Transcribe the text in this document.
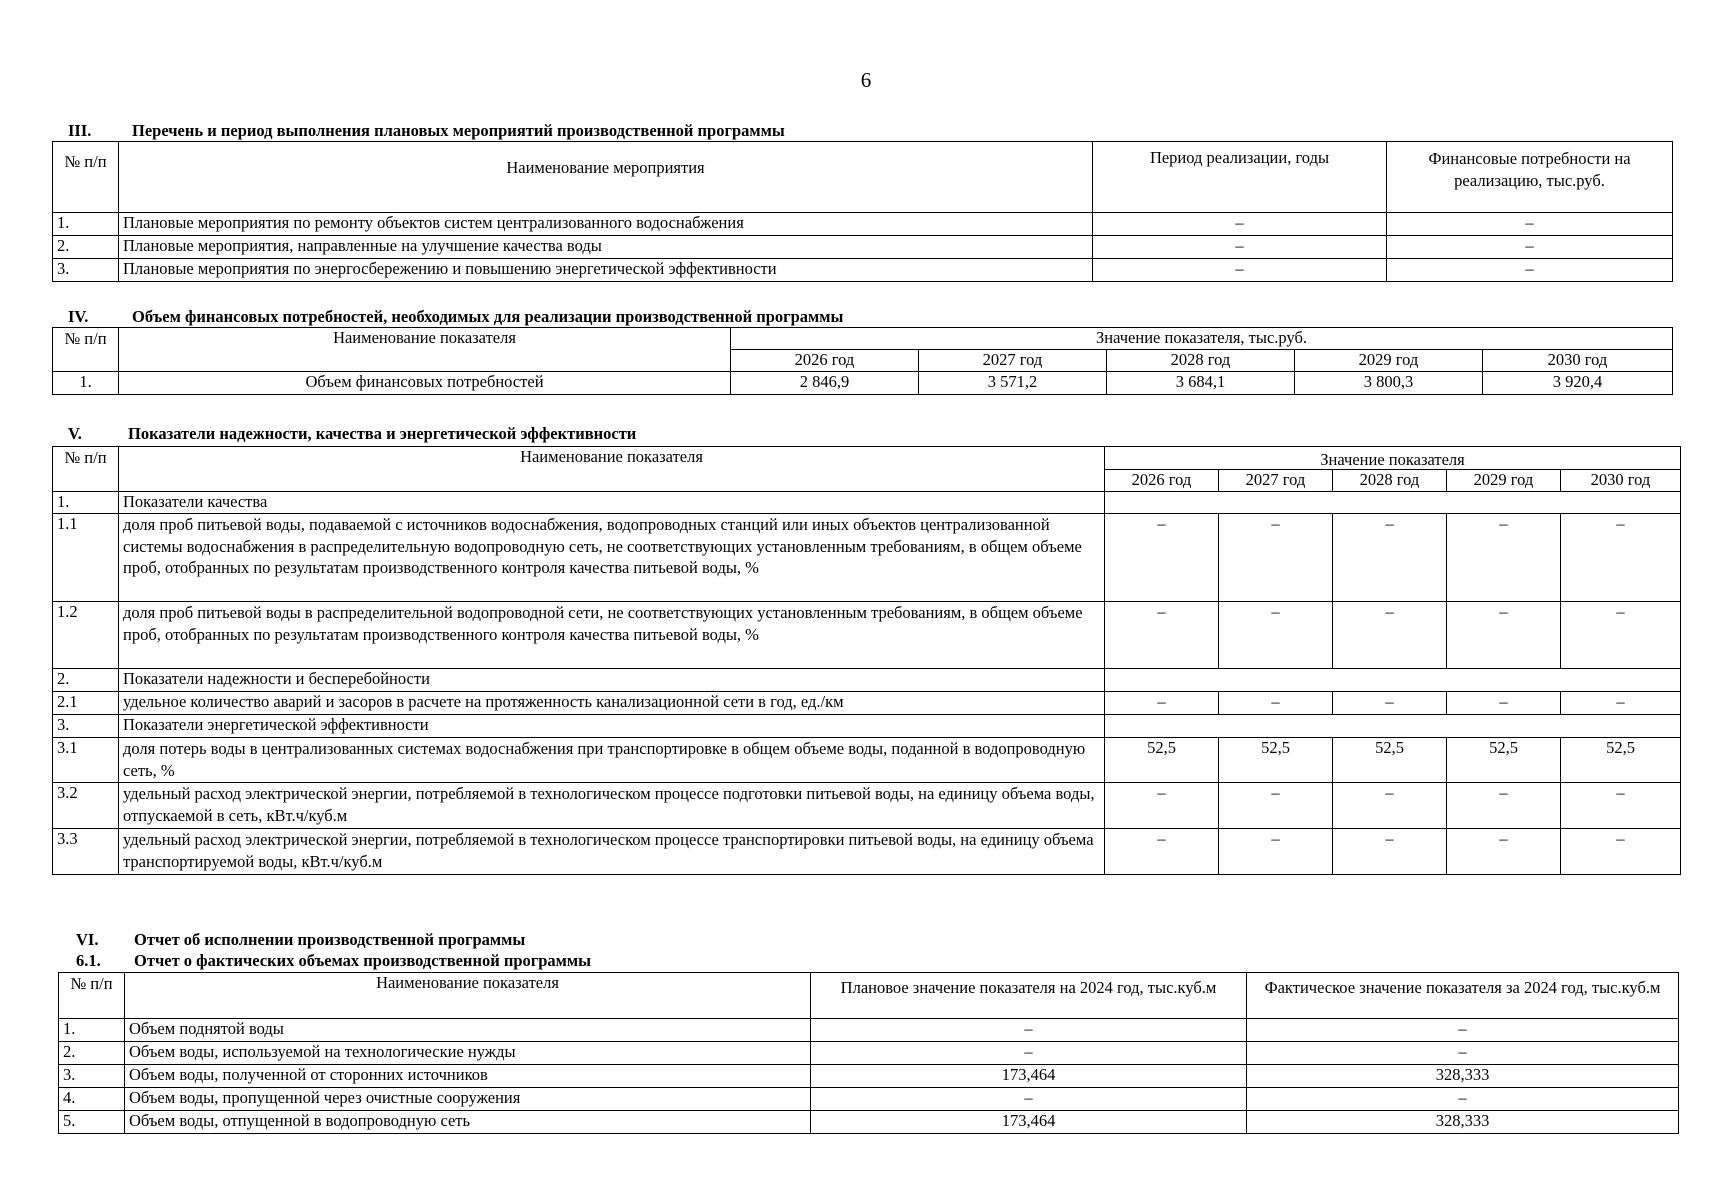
6
III. Перечень и период выполнения плановых мероприятий производственной программы
№ п/п	Наименование мероприятия	Период реализации, годы	Финансовые потребности на реализацию, тыс.руб.
1.	Плановые мероприятия по ремонту объектов систем централизованного водоснабжения	–	–
2.	Плановые мероприятия, направленные на улучшение качества воды	–	–
3.	Плановые мероприятия по энергосбережению и повышению энергетической эффективности	–	–
IV.	Объем финансовых потребностей, необходимых для реализации производственной программы
№ п/п	Наименование показателя	Значение показателя, тыс.руб.				
		2026 год	2027 год	2028 год	2029 год	2030 год
1.	Объем финансовых потребностей	2 846,9	3 571,2	3 684,1	3 800,3	3 920,4
V.	Показатели надежности, качества и энергетической эффективности
№ п/п	Наименование показателя	Значение показателя				
		2026 год	2027 год	2028 год	2029 год	2030 год
1.	Показатели качества					
1.1	доля проб питьевой воды, подаваемой с источников водоснабжения, водопроводных станций или иных объектов централизованной системы водоснабжения в распределительную водопроводную сеть, не соответствующих установленным требованиям, в общем объеме проб, отобранных по результатам производственного контроля качества питьевой воды, %	–	–	–	–	–
1.2	доля проб питьевой воды в распределительной водопроводной сети, не соответствующих установленным требованиям, в общем объеме проб, отобранных по результатам производственного контроля качества питьевой воды, %	–	–	–	–	–
2.	Показатели надежности и бесперебойности					
2.1	удельное количество аварий и засоров в расчете на протяженность канализационной сети в год, ед./км	–	–	–	–	–
3.	Показатели энергетической эффективности					
3.1	доля потерь воды в централизованных системах водоснабжения при транспортировке в общем объеме воды, поданной в водопроводную сеть, %	52,5	52,5	52,5	52,5	52,5
3.2	удельный расход электрической энергии, потребляемой в технологическом процессе подготовки питьевой воды, на единицу объема воды, отпускаемой в сеть, кВт.ч/куб.м	–	–	–	–	–
3.3	удельный расход электрической энергии, потребляемой в технологическом процессе транспортировки питьевой воды, на единицу объема транспортируемой воды, кВт.ч/куб.м	–	–	–	–	–
VI. Отчет об исполнении производственной программы
6.1. Отчет о фактических объемах производственной программы
№ п/п	Наименование показателя	Плановое значение показателя на 2024 год, тыс.куб.м	Фактическое значение показателя за 2024 год, тыс.куб.м
1.	Объем поднятой воды	–	–
2.	Объем воды, используемой на технологические нужды	–	–
3.	Объем воды, полученной от сторонних источников	173,464	328,333
4.	Объем воды, пропущенной через очистные сооружения	–	–
5.	Объем воды, отпущенной в водопроводную сеть	173,464	328,333
